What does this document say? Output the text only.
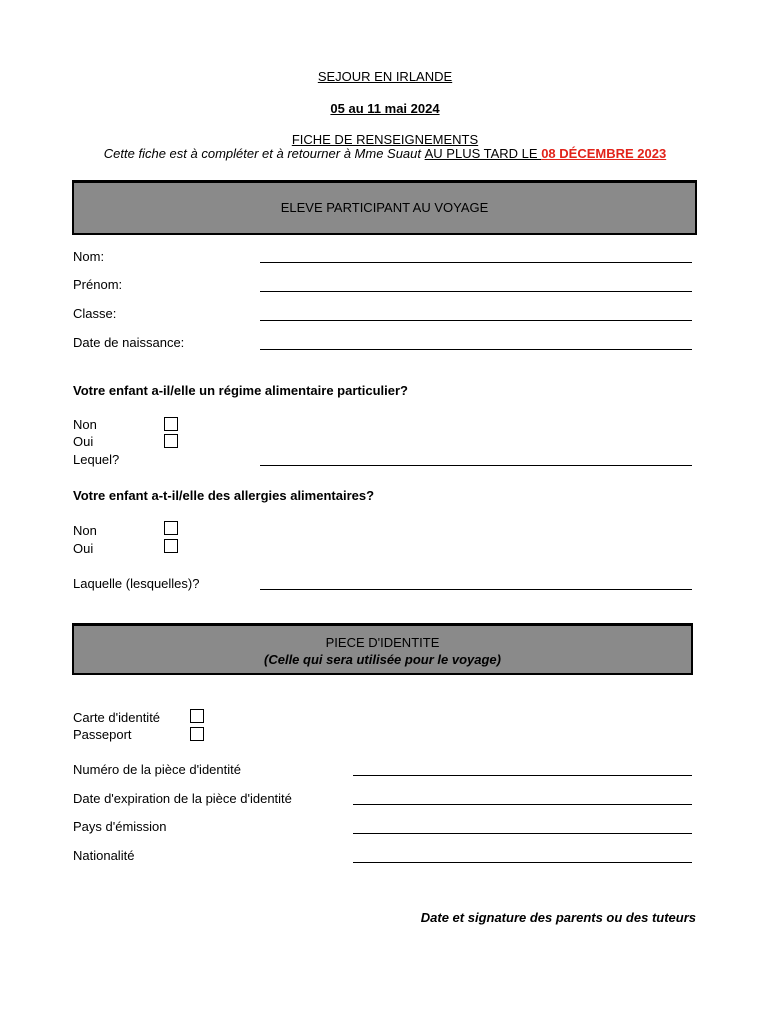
SEJOUR EN IRLANDE
05 au 11 mai 2024
FICHE DE RENSEIGNEMENTS
Cette fiche est à compléter et à retourner à Mme Suaut AU PLUS TARD LE 08 DÉCEMBRE 2023
ELEVE PARTICIPANT AU VOYAGE
Nom:
Prénom:
Classe:
Date de naissance:
Votre enfant a-il/elle un régime alimentaire particulier?
Non
Oui
Lequel?
Votre enfant a-t-il/elle des allergies alimentaires?
Non
Oui
Laquelle (lesquelles)?
PIECE D'IDENTITE
(Celle qui sera utilisée pour le voyage)
Carte d'identité
Passeport
Numéro de la pièce d'identité
Date d'expiration de la pièce d'identité
Pays d'émission
Nationalité
Date et signature des parents ou des tuteurs
